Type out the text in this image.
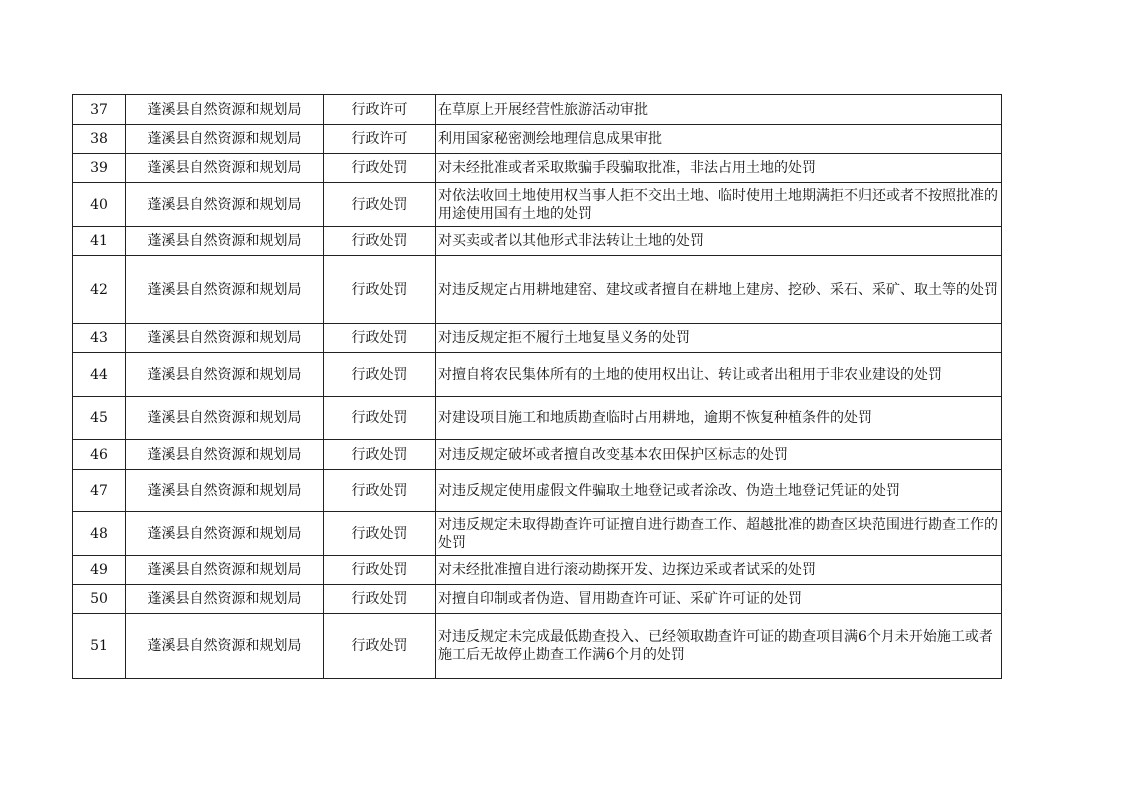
37	蓬溪县自然资源和规划局	行政许可	在草原上开展经营性旅游活动审批
38	蓬溪县自然资源和规划局	行政许可	利用国家秘密测绘地理信息成果审批
39	蓬溪县自然资源和规划局	行政处罚	对未经批准或者采取欺骗手段骗取批准，非法占用土地的处罚
40	蓬溪县自然资源和规划局	行政处罚	对依法收回土地使用权当事人拒不交出土地、临时使用土地期满拒不归还或者不按照批准的用途使用国有土地的处罚
41	蓬溪县自然资源和规划局	行政处罚	对买卖或者以其他形式非法转让土地的处罚
42	蓬溪县自然资源和规划局	行政处罚	对违反规定占用耕地建窑、建坟或者擅自在耕地上建房、挖砂、采石、采矿、取土等的处罚
43	蓬溪县自然资源和规划局	行政处罚	对违反规定拒不履行土地复垦义务的处罚
44	蓬溪县自然资源和规划局	行政处罚	对擅自将农民集体所有的土地的使用权出让、转让或者出租用于非农业建设的处罚
45	蓬溪县自然资源和规划局	行政处罚	对建设项目施工和地质勘查临时占用耕地，逾期不恢复种植条件的处罚
46	蓬溪县自然资源和规划局	行政处罚	对违反规定破坏或者擅自改变基本农田保护区标志的处罚
47	蓬溪县自然资源和规划局	行政处罚	对违反规定使用虚假文件骗取土地登记或者涂改、伪造土地登记凭证的处罚
48	蓬溪县自然资源和规划局	行政处罚	对违反规定未取得勘查许可证擅自进行勘查工作、超越批准的勘查区块范围进行勘查工作的处罚
49	蓬溪县自然资源和规划局	行政处罚	对未经批准擅自进行滚动勘探开发、边探边采或者试采的处罚
50	蓬溪县自然资源和规划局	行政处罚	对擅自印制或者伪造、冒用勘查许可证、采矿许可证的处罚
51	蓬溪县自然资源和规划局	行政处罚	对违反规定未完成最低勘查投入、已经领取勘查许可证的勘查项目满6个月未开始施工或者施工后无故停止勘查工作满6个月的处罚
